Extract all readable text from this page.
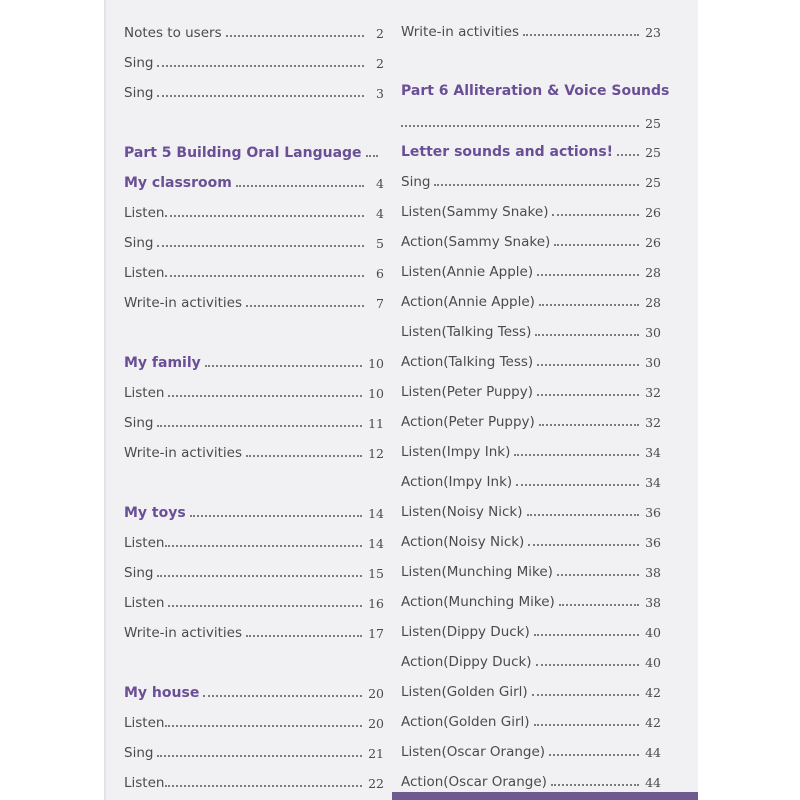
Notes to users	2
Sing	2
Sing	3
Part 5 Building Oral Language
My classroom	4
Listen	4
Sing	5
Listen	6
Write-in activities	7
My family	10
Listen	10
Sing	11
Write-in activities	12
My toys	14
Listen	14
Sing	15
Listen	16
Write-in activities	17
My house	20
Listen	20
Sing	21
Listen	22
Write-in activities	23
Part 6 Alliteration & Voice Sounds
25
Letter sounds and actions!	25
Sing	25
Listen(Sammy Snake)	26
Action(Sammy Snake)	26
Listen(Annie Apple)	28
Action(Annie Apple)	28
Listen(Talking Tess)	30
Action(Talking Tess)	30
Listen(Peter Puppy)	32
Action(Peter Puppy)	32
Listen(Impy Ink)	34
Action(Impy Ink)	34
Listen(Noisy Nick)	36
Action(Noisy Nick)	36
Listen(Munching Mike)	38
Action(Munching Mike)	38
Listen(Dippy Duck)	40
Action(Dippy Duck)	40
Listen(Golden Girl)	42
Action(Golden Girl)	42
Listen(Oscar Orange)	44
Action(Oscar Orange)	44
